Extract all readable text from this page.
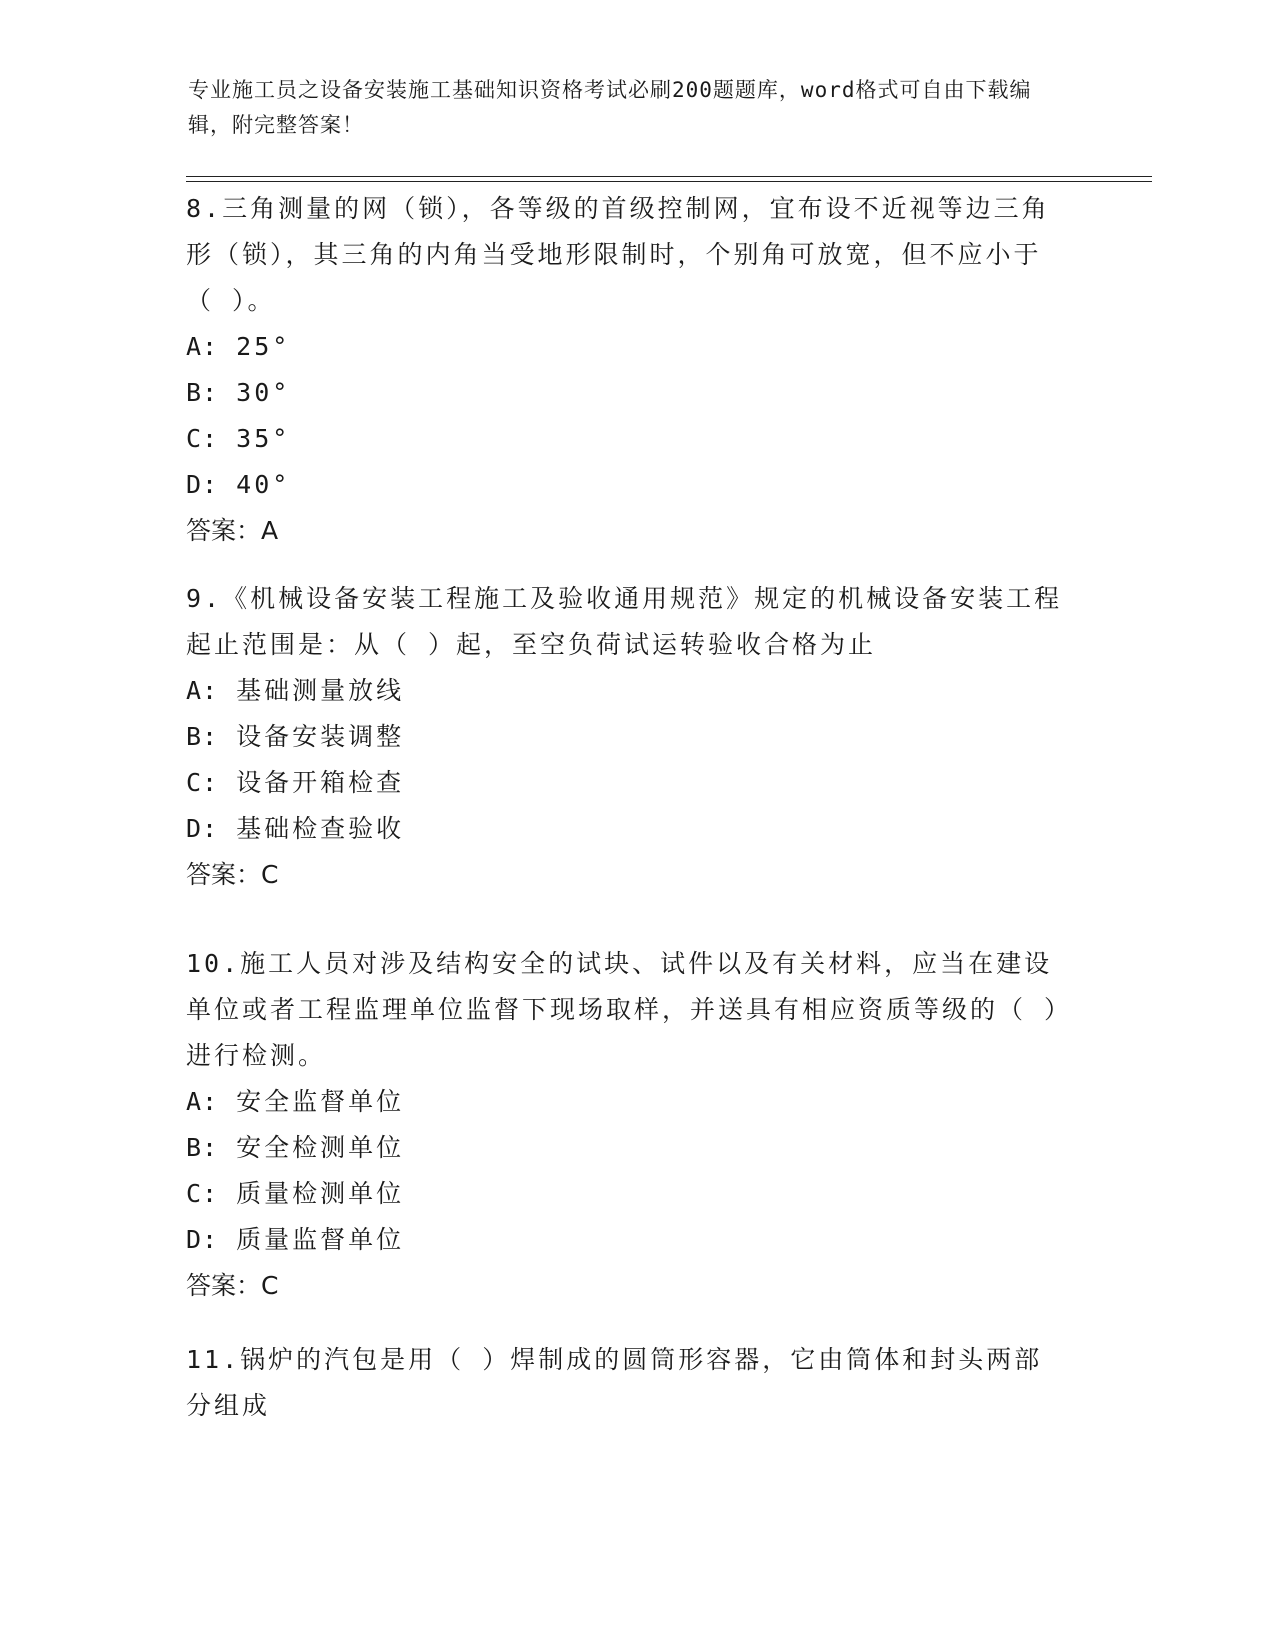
专业施工员之设备安装施工基础知识资格考试必刷200题题库，word格式可自由下载编辑，附完整答案！

8.三角测量的网（锁），各等级的首级控制网，宜布设不近视等边三角形（锁），其三角的内角当受地形限制时，个别角可放宽，但不应小于（ ）。

A: 25°

B: 30°

C: 35°

D: 40°

答案：A

9.《机械设备安装工程施工及验收通用规范》规定的机械设备安装工程起止范围是：从（ ）起，至空负荷试运转验收合格为止

A: 基础测量放线

B: 设备安装调整

C: 设备开箱检查

D: 基础检查验收

答案：C

10.施工人员对涉及结构安全的试块、试件以及有关材料，应当在建设单位或者工程监理单位监督下现场取样，并送具有相应资质等级的（ ）进行检测。

A: 安全监督单位

B: 安全检测单位

C: 质量检测单位

D: 质量监督单位

答案：C

11.锅炉的汽包是用（ ）焊制成的圆筒形容器，它由筒体和封头两部分组成
